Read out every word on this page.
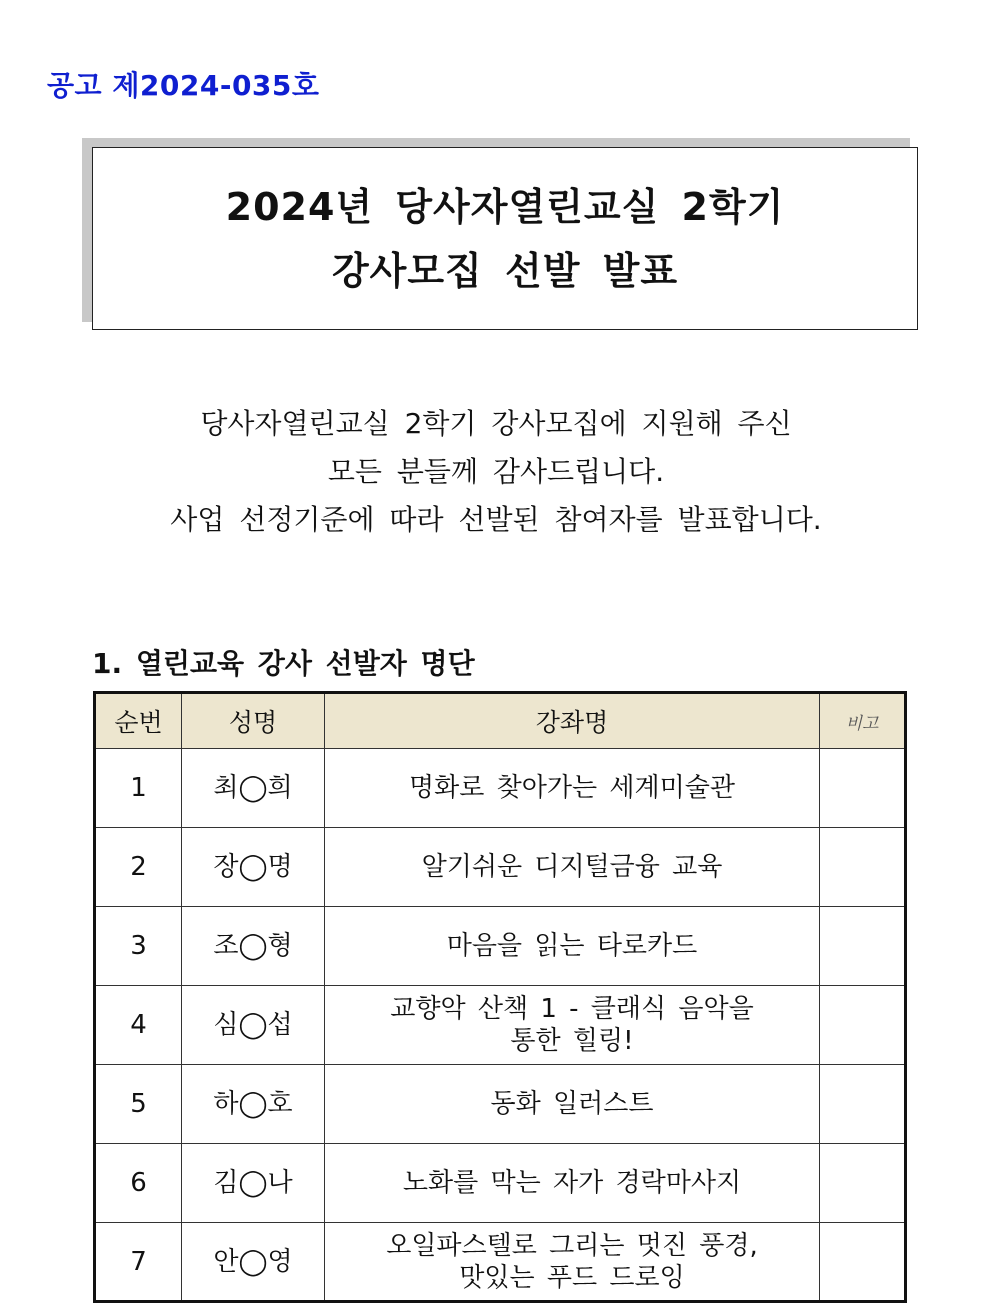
공고 제2024-035호
2024년 당사자열린교실 2학기
강사모집 선발 발표
당사자열린교실 2학기 강사모집에 지원해 주신
모든 분들께 감사드립니다.
사업 선정기준에 따라 선발된 참여자를 발표합니다.
1. 열린교육 강사 선발자 명단
순번	성명	강좌명	비고
1	최◯희	명화로 찾아가는 세계미술관	

2	장◯명	알기쉬운 디지털금융 교육	

3	조◯형	마음을 읽는 타로카드	

4	심◯섭	교향악 산책 1 - 클래식 음악을
통한 힐링!	

5	하◯호	동화 일러스트	

6	김◯나	노화를 막는 자가 경락마사지	

7	안◯영	오일파스텔로 그리는 멋진 풍경,
맛있는 푸드 드로잉	
